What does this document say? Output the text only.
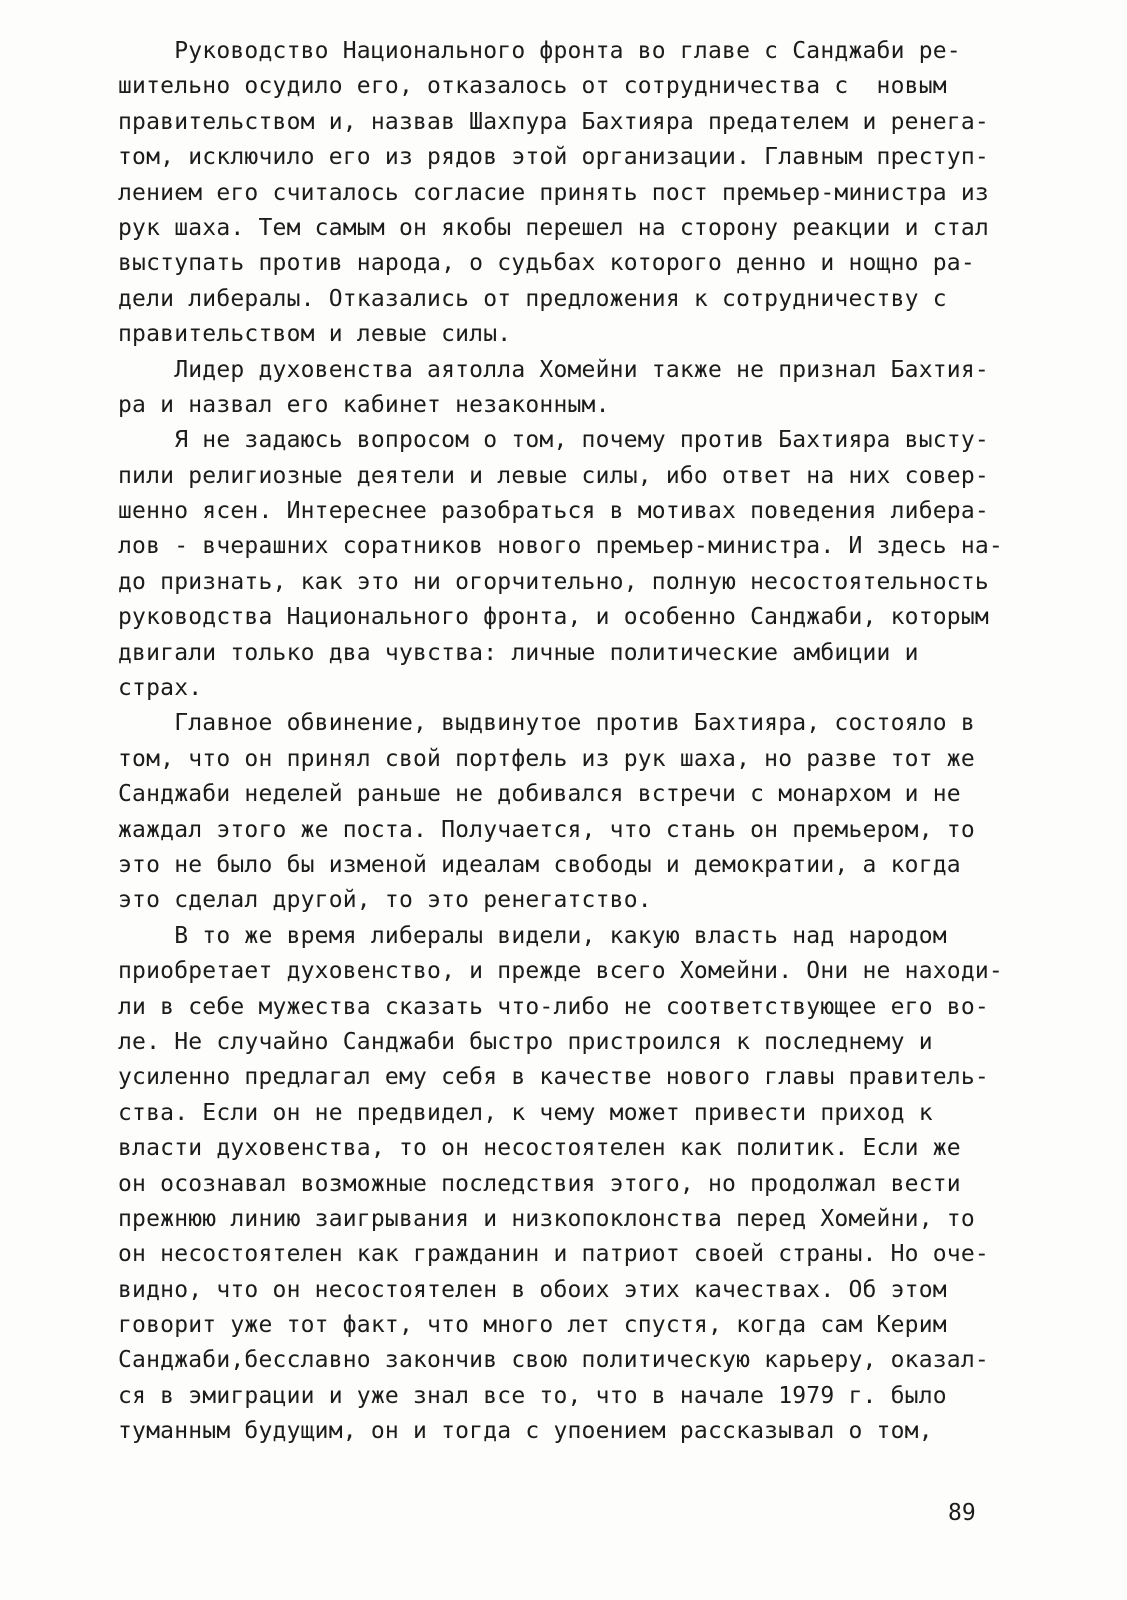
Руководство Национального фронта во главе с Санджаби ре-
шительно осудило его, отказалось от сотрудничества с  новым
правительством и, назвав Шахпура Бахтияра предателем и ренега-
том, исключило его из рядов этой организации. Главным преступ-
лением его считалось согласие принять пост премьер-министра из
рук шаха. Тем самым он якобы перешел на сторону реакции и стал
выступать против народа, о судьбах которого денно и нощно ра-
дели либералы. Отказались от предложения к сотрудничеству с
правительством и левые силы.
Лидер духовенства аятолла Хомейни также не признал Бахтия-
ра и назвал его кабинет незаконным.
Я не задаюсь вопросом о том, почему против Бахтияра высту-
пили религиозные деятели и левые силы, ибо ответ на них совер-
шенно ясен. Интереснее разобраться в мотивах поведения либера-
лов - вчерашних соратников нового премьер-министра. И здесь на-
до признать, как это ни огорчительно, полную несостоятельность
руководства Национального фронта, и особенно Санджаби, которым
двигали только два чувства: личные политические амбиции и
страх.
Главное обвинение, выдвинутое против Бахтияра, состояло в
том, что он принял свой портфель из рук шаха, но разве тот же
Санджаби неделей раньше не добивался встречи с монархом и не
жаждал этого же поста. Получается, что стань он премьером, то
это не было бы изменой идеалам свободы и демократии, а когда
это сделал другой, то это ренегатство.
В то же время либералы видели, какую власть над народом
приобретает духовенство, и прежде всего Хомейни. Они не находи-
ли в себе мужества сказать что-либо не соответствующее его во-
ле. Не случайно Санджаби быстро пристроился к последнему и
усиленно предлагал ему себя в качестве нового главы правитель-
ства. Если он не предвидел, к чему может привести приход к
власти духовенства, то он несостоятелен как политик. Если же
он осознавал возможные последствия этого, но продолжал вести
прежнюю линию заигрывания и низкопоклонства перед Хомейни, то
он несостоятелен как гражданин и патриот своей страны. Но оче-
видно, что он несостоятелен в обоих этих качествах. Об этом
говорит уже тот факт, что много лет спустя, когда сам Керим
Санджаби,бесславно закончив свою политическую карьеру, оказал-
ся в эмиграции и уже знал все то, что в начале 1979 г. было
туманным будущим, он и тогда с упоением рассказывал о том,
89
